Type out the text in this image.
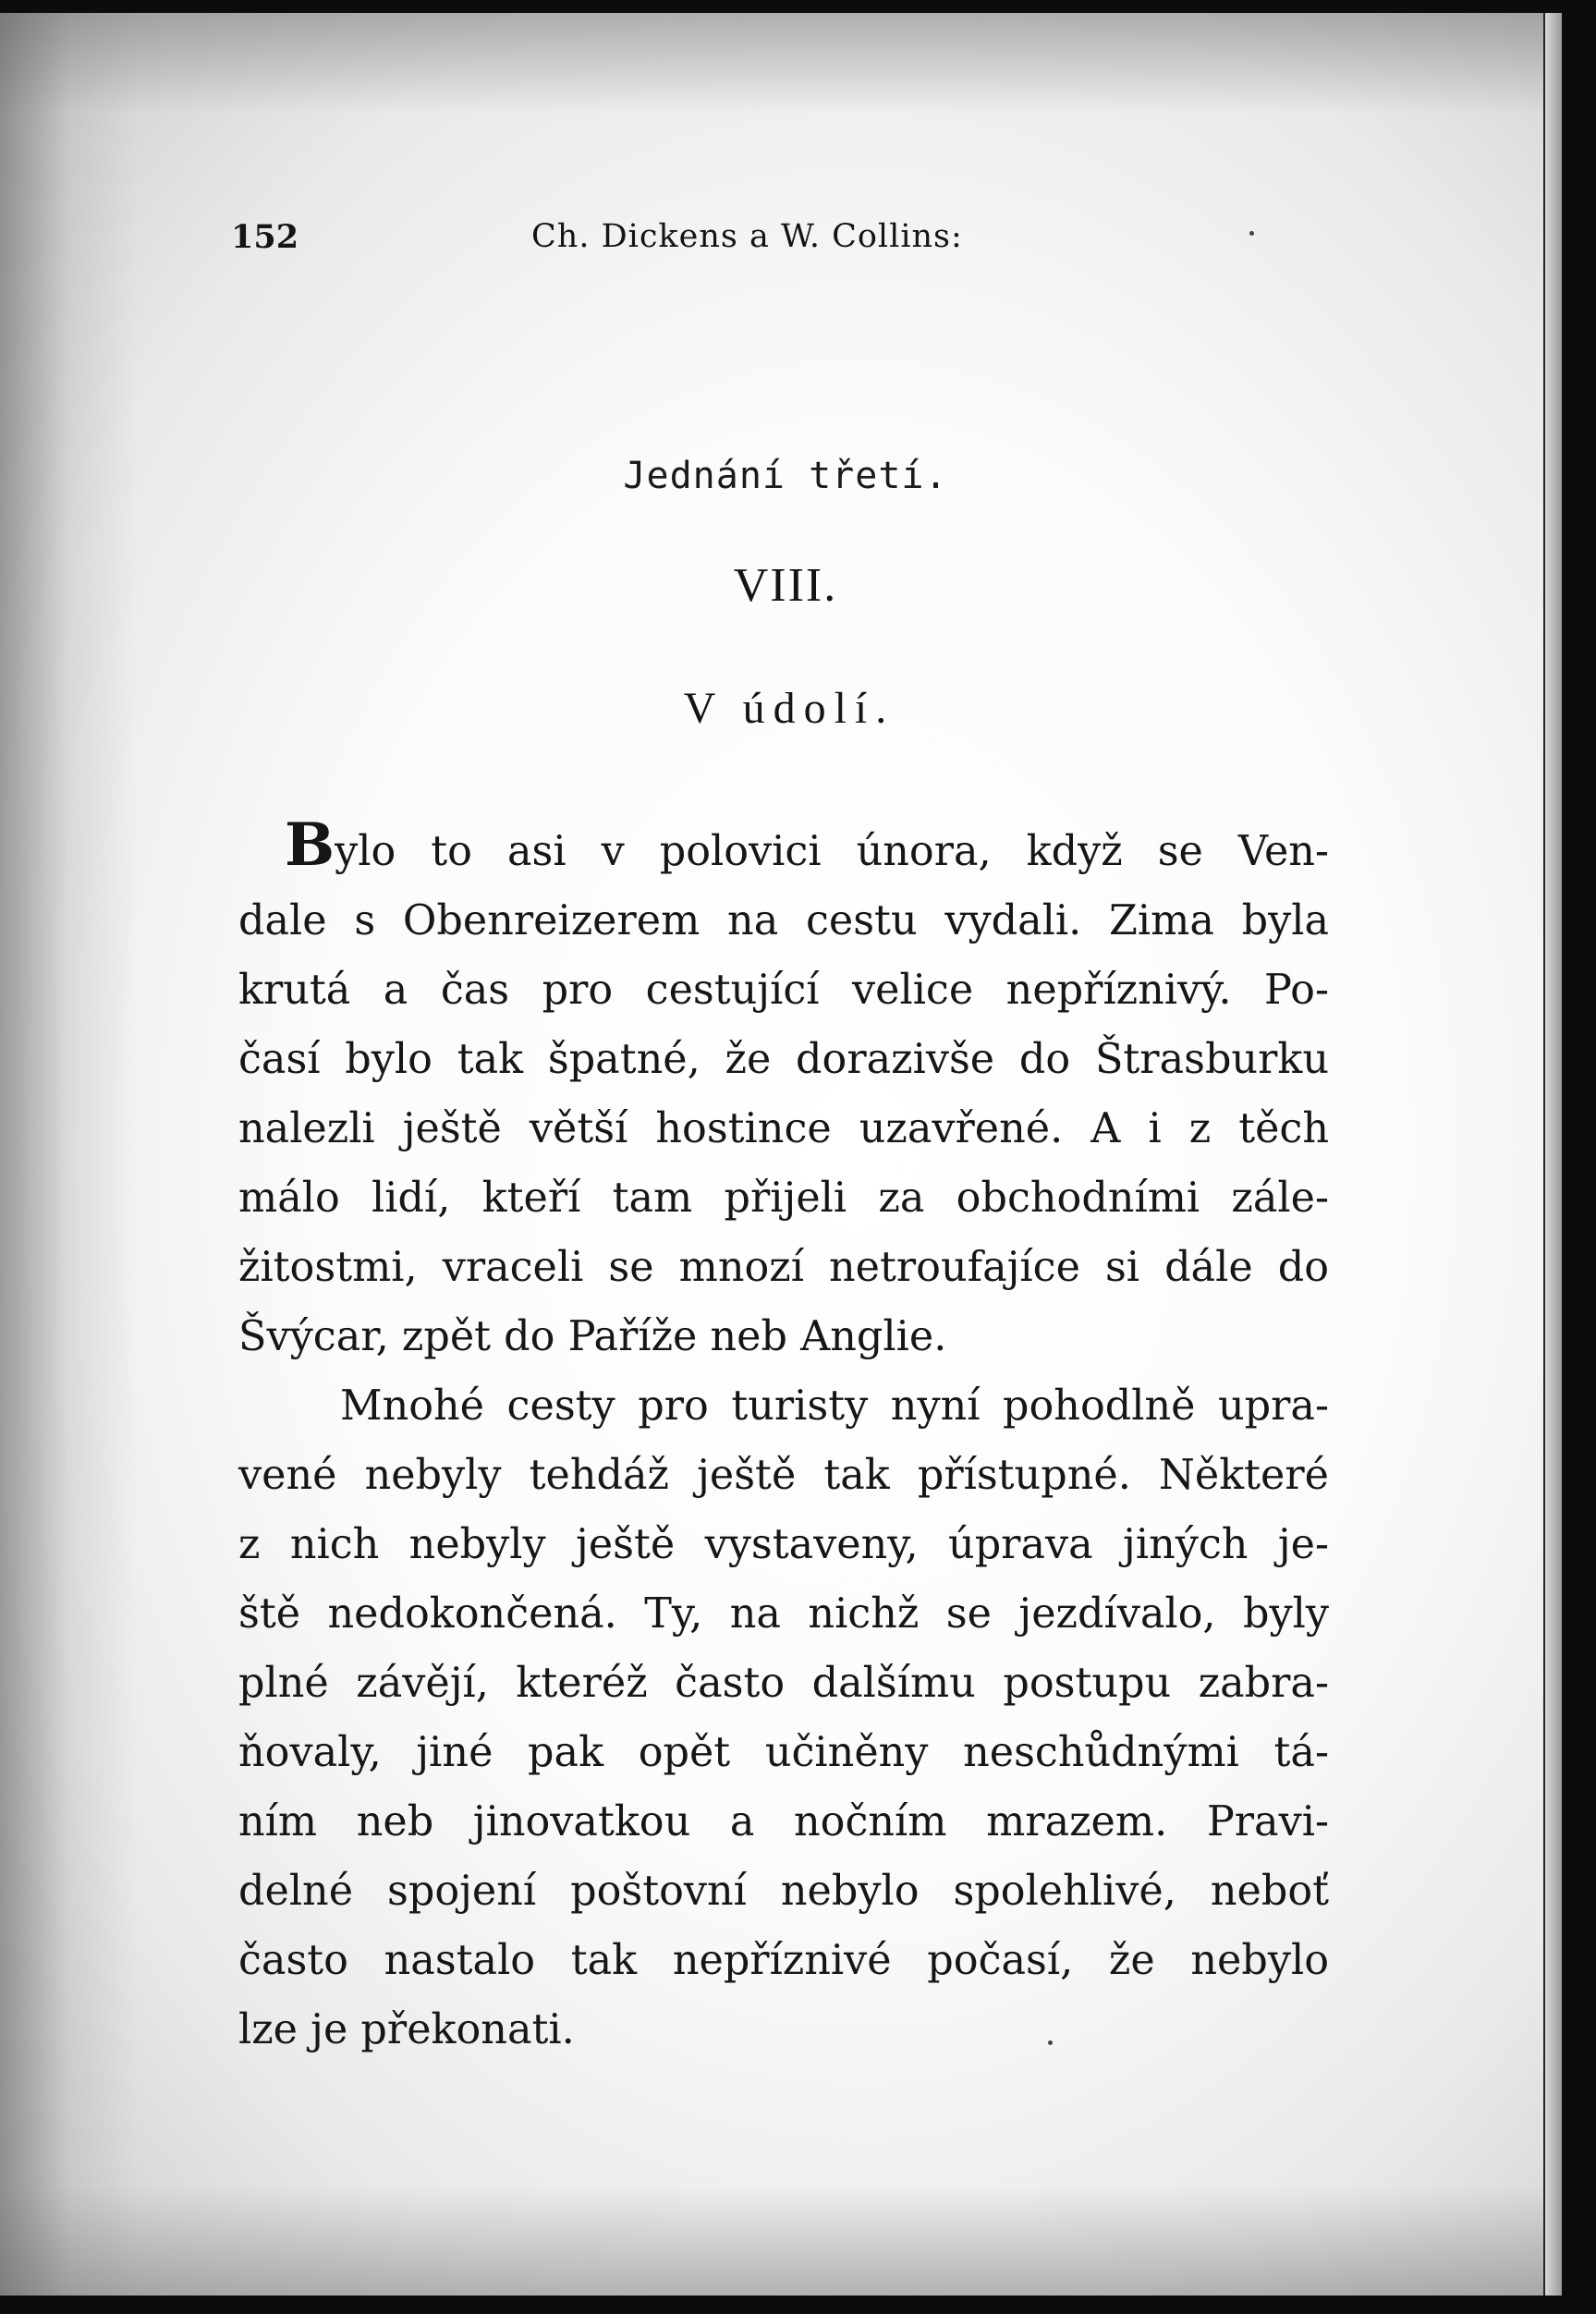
152	Ch. Dickens a W. Collins:
Jednání třetí.
VIII.
V údolí.

Bylo to asi v polovici února, když se Ven-

dale s Obenreizerem na cestu vydali. Zima byla

krutá a čas pro cestující velice nepříznivý. Po-

časí bylo tak špatné, že dorazivše do Štrasburku

nalezli ještě větší hostince uzavřené. A i z těch

málo lidí, kteří tam přijeli za obchodními zále-

žitostmi, vraceli se mnozí netroufajíce si dále do

Švýcar, zpět do Paříže neb Anglie.

Mnohé cesty pro turisty nyní pohodlně upra-

vené nebyly tehdáž ještě tak přístupné. Některé

z nich nebyly ještě vystaveny, úprava jiných je-

ště nedokončená. Ty, na nichž se jezdívalo, byly

plné závějí, kteréž často dalšímu postupu zabra-

ňovaly, jiné pak opět učiněny neschůdnými tá-

ním neb jinovatkou a nočním mrazem. Pravi-

delné spojení poštovní nebylo spolehlivé, neboť

často nastalo tak nepříznivé počasí, že nebylo

lze je překonati.
